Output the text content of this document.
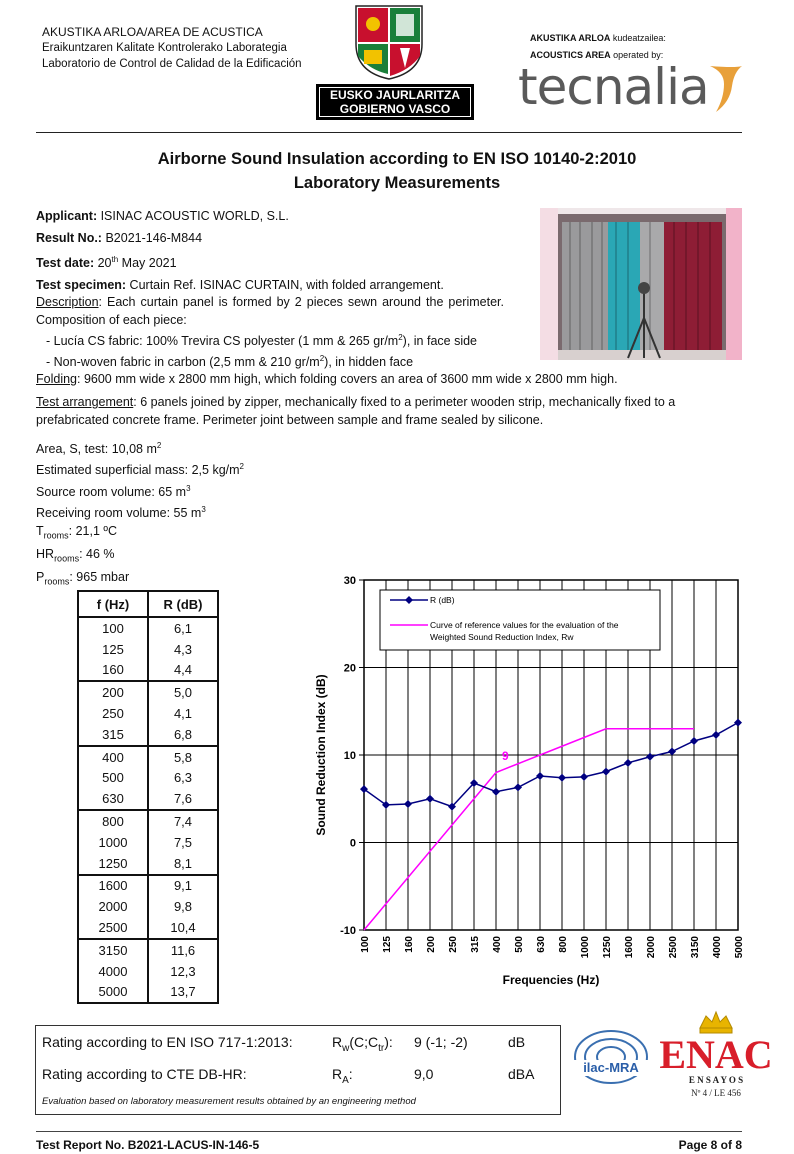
AKUSTIKA ARLOA/AREA DE ACUSTICA
Eraikuntzaren Kalitate Kontrolerako Laborategia
Laboratorio de Control de Calidad de la Edificación
EUSKO JAURLARITZA
GOBIERNO VASCO
AKUSTIKA ARLOA kudeatzailea:
ACOUSTICS AREA operated by:
tecnalia
Airborne Sound Insulation according to EN ISO 10140-2:2010
Laboratory Measurements
Applicant: ISINAC ACOUSTIC WORLD, S.L.
Result No.: B2021-146-M844
Test date: 20th May 2021
Test specimen: Curtain Ref. ISINAC CURTAIN, with folded arrangement.
Description: Each curtain panel is formed by 2 pieces sewn around the perimeter. Composition of each piece:
- Lucía CS fabric: 100% Trevira CS polyester (1 mm & 265 $gr/m^2$), in face side
- Non-woven fabric in carbon (2,5 mm & 210 $gr/m^2$), in hidden face
Folding: 9600 mm wide x 2800 mm high, which folding covers an area of 3600 mm wide x 2800 mm high.
Test arrangement: 6 panels joined by zipper, mechanically fixed to a perimeter wooden strip, mechanically fixed to a prefabricated concrete frame. Perimeter joint between sample and frame sealed by silicone.
Area, S, test: 10,08 $m^2$
Estimated superficial mass: 2,5 $kg/m^2$
Source room volume: 65 $m^3$
Receiving room volume: 55 $m^3$
$T_{rooms}$: 21,1 ºC
$HR_{rooms}$: 46 %
$P_{rooms}$: 965 mbar
f (Hz)	R (dB)
100	6,1
125	4,3
160	4,4
200	5,0
250	4,1
315	6,8
400	5,8
500	6,3
630	7,6
800	7,4
1000	7,5
1250	8,1
1600	9,1
2000	9,8
2500	10,4
3150	11,6
4000	12,3
5000	13,7
30
20
10
0
-10
100 125 160 200 250 315 400 500 630 800 1000 1250 1600 2000 2500 3150 4000 5000
Frequencies (Hz)
Sound Reduction Index (dB)	9
R (dB)
Curve of reference values for the evaluation of the
Weighted Sound Reduction Index, Rw
Rating according to EN ISO 717-1:2013:	$R_w(C;C_{tr})$: 9 (-1; -2)	dB
Rating according to CTE DB-HR:	$R_A$:	9,0	dBA
Evaluation based on laboratory measurement results obtained by an engineering method
ilac-MRA ENAC
E N S A Y O S
Nº 4 / LE 456
Test Report No. B2021-LACUS-IN-146-5	Page 8 of 8
